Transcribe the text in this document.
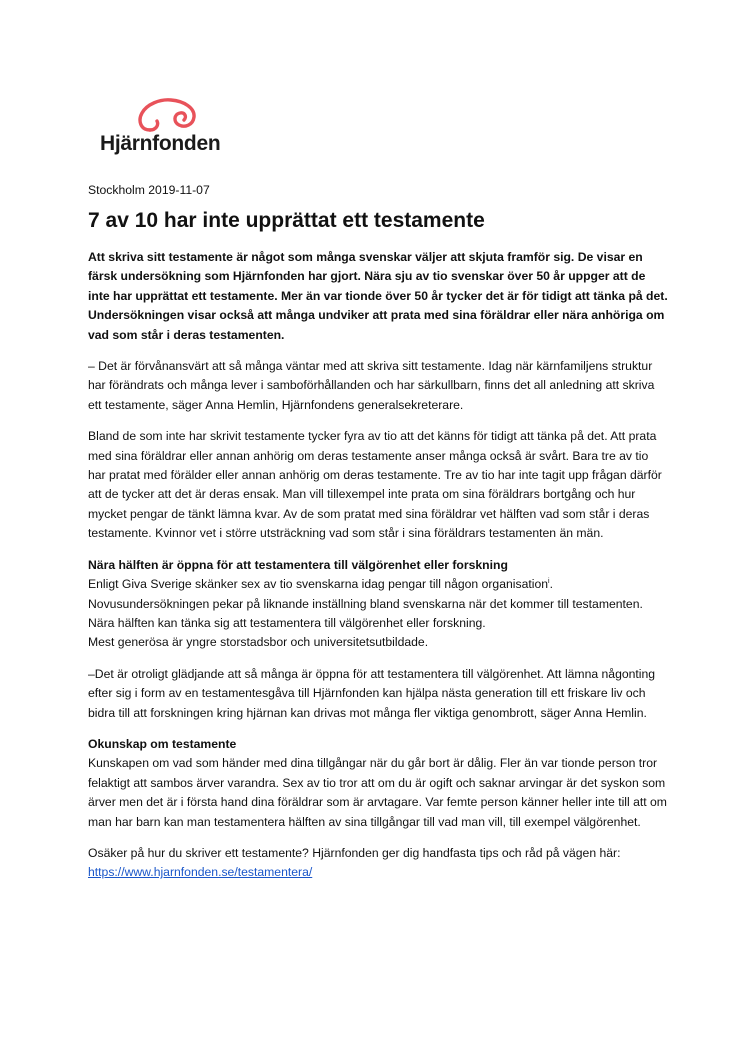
Hjärnfonden
Stockholm 2019-11-07
7 av 10 har inte upprättat ett testamente

Att skriva sitt testamente är något som många svenskar väljer att skjuta framför sig. De visar en färsk undersökning som Hjärnfonden har gjort. Nära sju av tio svenskar över 50 år uppger att de inte har upprättat ett testamente. Mer än var tionde över 50 år tycker det är för tidigt att tänka på det. Undersökningen visar också att många undviker att prata med sina föräldrar eller nära anhöriga om vad som står i deras testamenten.

– Det är förvånansvärt att så många väntar med att skriva sitt testamente. Idag när kärnfamiljens struktur har förändrats och många lever i samboförhållanden och har särkullbarn, finns det all anledning att skriva ett testamente, säger Anna Hemlin, Hjärnfondens generalsekreterare.

Bland de som inte har skrivit testamente tycker fyra av tio att det känns för tidigt att tänka på det. Att prata med sina föräldrar eller annan anhörig om deras testamente anser många också är svårt. Bara tre av tio har pratat med förälder eller annan anhörig om deras testamente. Tre av tio har inte tagit upp frågan därför att de tycker att det är deras ensak. Man vill tillexempel inte prata om sina föräldrars bortgång och hur mycket pengar de tänkt lämna kvar. Av de som pratat med sina föräldrar vet hälften vad som står i deras testamente. Kvinnor vet i större utsträckning vad som står i sina föräldrars testamenten än män.

Nära hälften är öppna för att testamentera till välgörenhet eller forskning

Enligt Giva Sverige skänker sex av tio svenskarna idag pengar till någon organisation$^i$.

Novusundersökningen pekar på liknande inställning bland svenskarna när det kommer till testamenten. Nära hälften kan tänka sig att testamentera till välgörenhet eller forskning.

Mest generösa är yngre storstadsbor och universitetsutbildade.

–Det är otroligt glädjande att så många är öppna för att testamentera till välgörenhet. Att lämna någonting efter sig i form av en testamentesgåva till Hjärnfonden kan hjälpa nästa generation till ett friskare liv och bidra till att forskningen kring hjärnan kan drivas mot många fler viktiga genombrott, säger Anna Hemlin.

Okunskap om testamente

Kunskapen om vad som händer med dina tillgångar när du går bort är dålig. Fler än var tionde person tror felaktigt att sambos ärver varandra. Sex av tio tror att om du är ogift och saknar arvingar är det syskon som ärver men det är i första hand dina föräldrar som är arvtagare. Var femte person känner heller inte till att om man har barn kan man testamentera hälften av sina tillgångar till vad man vill, till exempel välgörenhet.

Osäker på hur du skriver ett testamente? Hjärnfonden ger dig handfasta tips och råd på vägen här:

https://www.hjarnfonden.se/testamentera/
